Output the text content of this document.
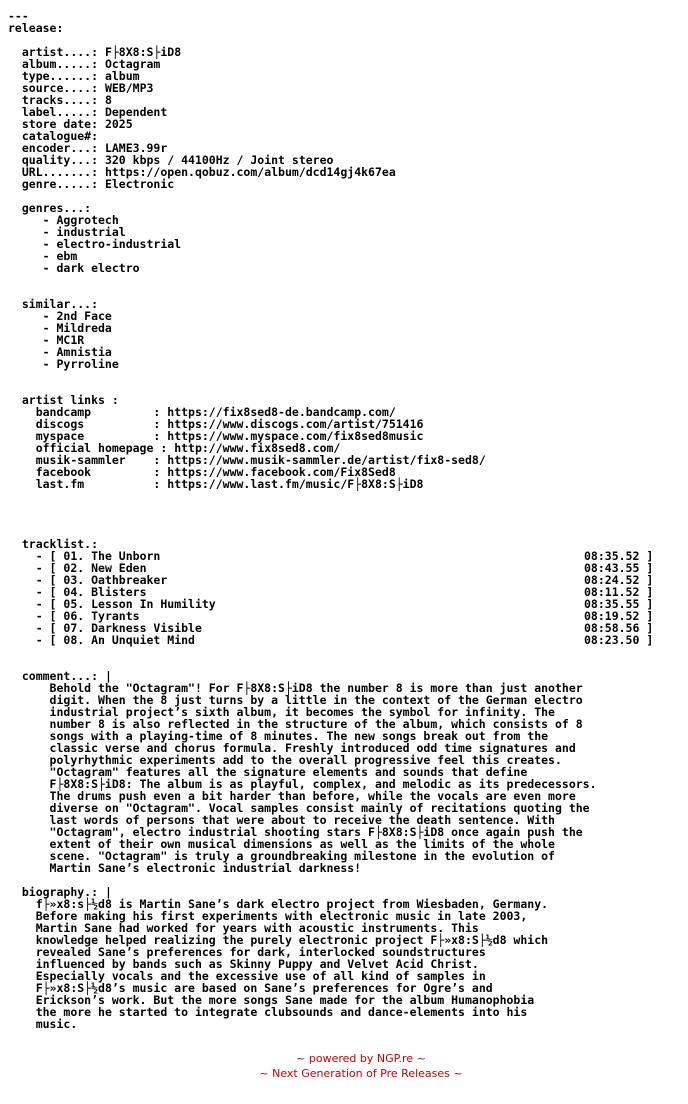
---
release:
artist....: F├8X8:S├iD8
album.....: Octagram
type......: album
source....: WEB/MP3
tracks....: 8
label.....: Dependent
store date: 2025
catalogue#:
encoder...: LAME3.99r
quality...: 320 kbps / 44100Hz / Joint stereo
URL.......: https://open.qobuz.com/album/dcd14gj4k67ea
genre.....: Electronic
genres...:
- Aggrotech
- industrial
- electro-industrial
- ebm
- dark electro
similar...:
- 2nd Face
- Mildreda
- MC1R
- Amnistia
- Pyrroline
artist links :
bandcamp         : https://fix8sed8-de.bandcamp.com/
discogs          : https://www.discogs.com/artist/751416
myspace          : https://www.myspace.com/fix8sed8music
official homepage : http://www.fix8sed8.com/
musik-sammler    : https://www.musik-sammler.de/artist/fix8-sed8/
facebook         : https://www.facebook.com/Fix8Sed8
last.fm          : https://www.last.fm/music/F├8X8:S├iD8
tracklist.:
- [ 01. The Unborn	08:35.52 ]
- [ 02. New Eden	08:43.55 ]
- [ 03. Oathbreaker	08:24.52 ]
- [ 04. Blisters	08:11.52 ]
- [ 05. Lesson In Humility	08:35.55 ]
- [ 06. Tyrants	08:19.52 ]
- [ 07. Darkness Visible	08:58.56 ]
- [ 08. An Unquiet Mind	08:23.50 ]
comment...: |
Behold the "Octagram"! For F├8X8:S├iD8 the number 8 is more than just another
digit. When the 8 just turns by a little in the context of the German electro
industrial project’s sixth album, it becomes the symbol for infinity. The
number 8 is also reflected in the structure of the album, which consists of 8
songs with a playing-time of 8 minutes. The new songs break out from the
classic verse and chorus formula. Freshly introduced odd time signatures and
polyrhythmic experiments add to the overall progressive feel this creates.
"Octagram" features all the signature elements and sounds that define
F├8X8:S├iD8: The album is as playful, complex, and melodic as its predecessors.
The drums push even a bit harder than before, while the vocals are even more
diverse on "Octagram". Vocal samples consist mainly of recitations quoting the
last words of persons that were about to receive the death sentence. With
"Octagram", electro industrial shooting stars F├8X8:S├iD8 once again push the
extent of their own musical dimensions as well as the limits of the whole
scene. "Octagram" is truly a groundbreaking milestone in the evolution of
Martin Sane’s electronic industrial darkness!
biography.: |
f├»x8:s├½d8 is Martin Sane’s dark electro project from Wiesbaden, Germany.
Before making his first experiments with electronic music in late 2003,
Martin Sane had worked for years with acoustic instruments. This
knowledge helped realizing the purely electronic project F├»x8:S├½d8 which
revealed Sane’s preferences for dark, interlocked soundstructures
influenced by bands such as Skinny Puppy and Velvet Acid Christ.
Especially vocals and the excessive use of all kind of samples in
F├»x8:S├½d8’s music are based on Sane’s preferences for Ogre’s and
Erickson’s work. But the more songs Sane made for the album Humanophobia
the more he started to integrate clubsounds and dance-elements into his
music.
~ powered by NGP.re ~
~ Next Generation of Pre Releases ~
